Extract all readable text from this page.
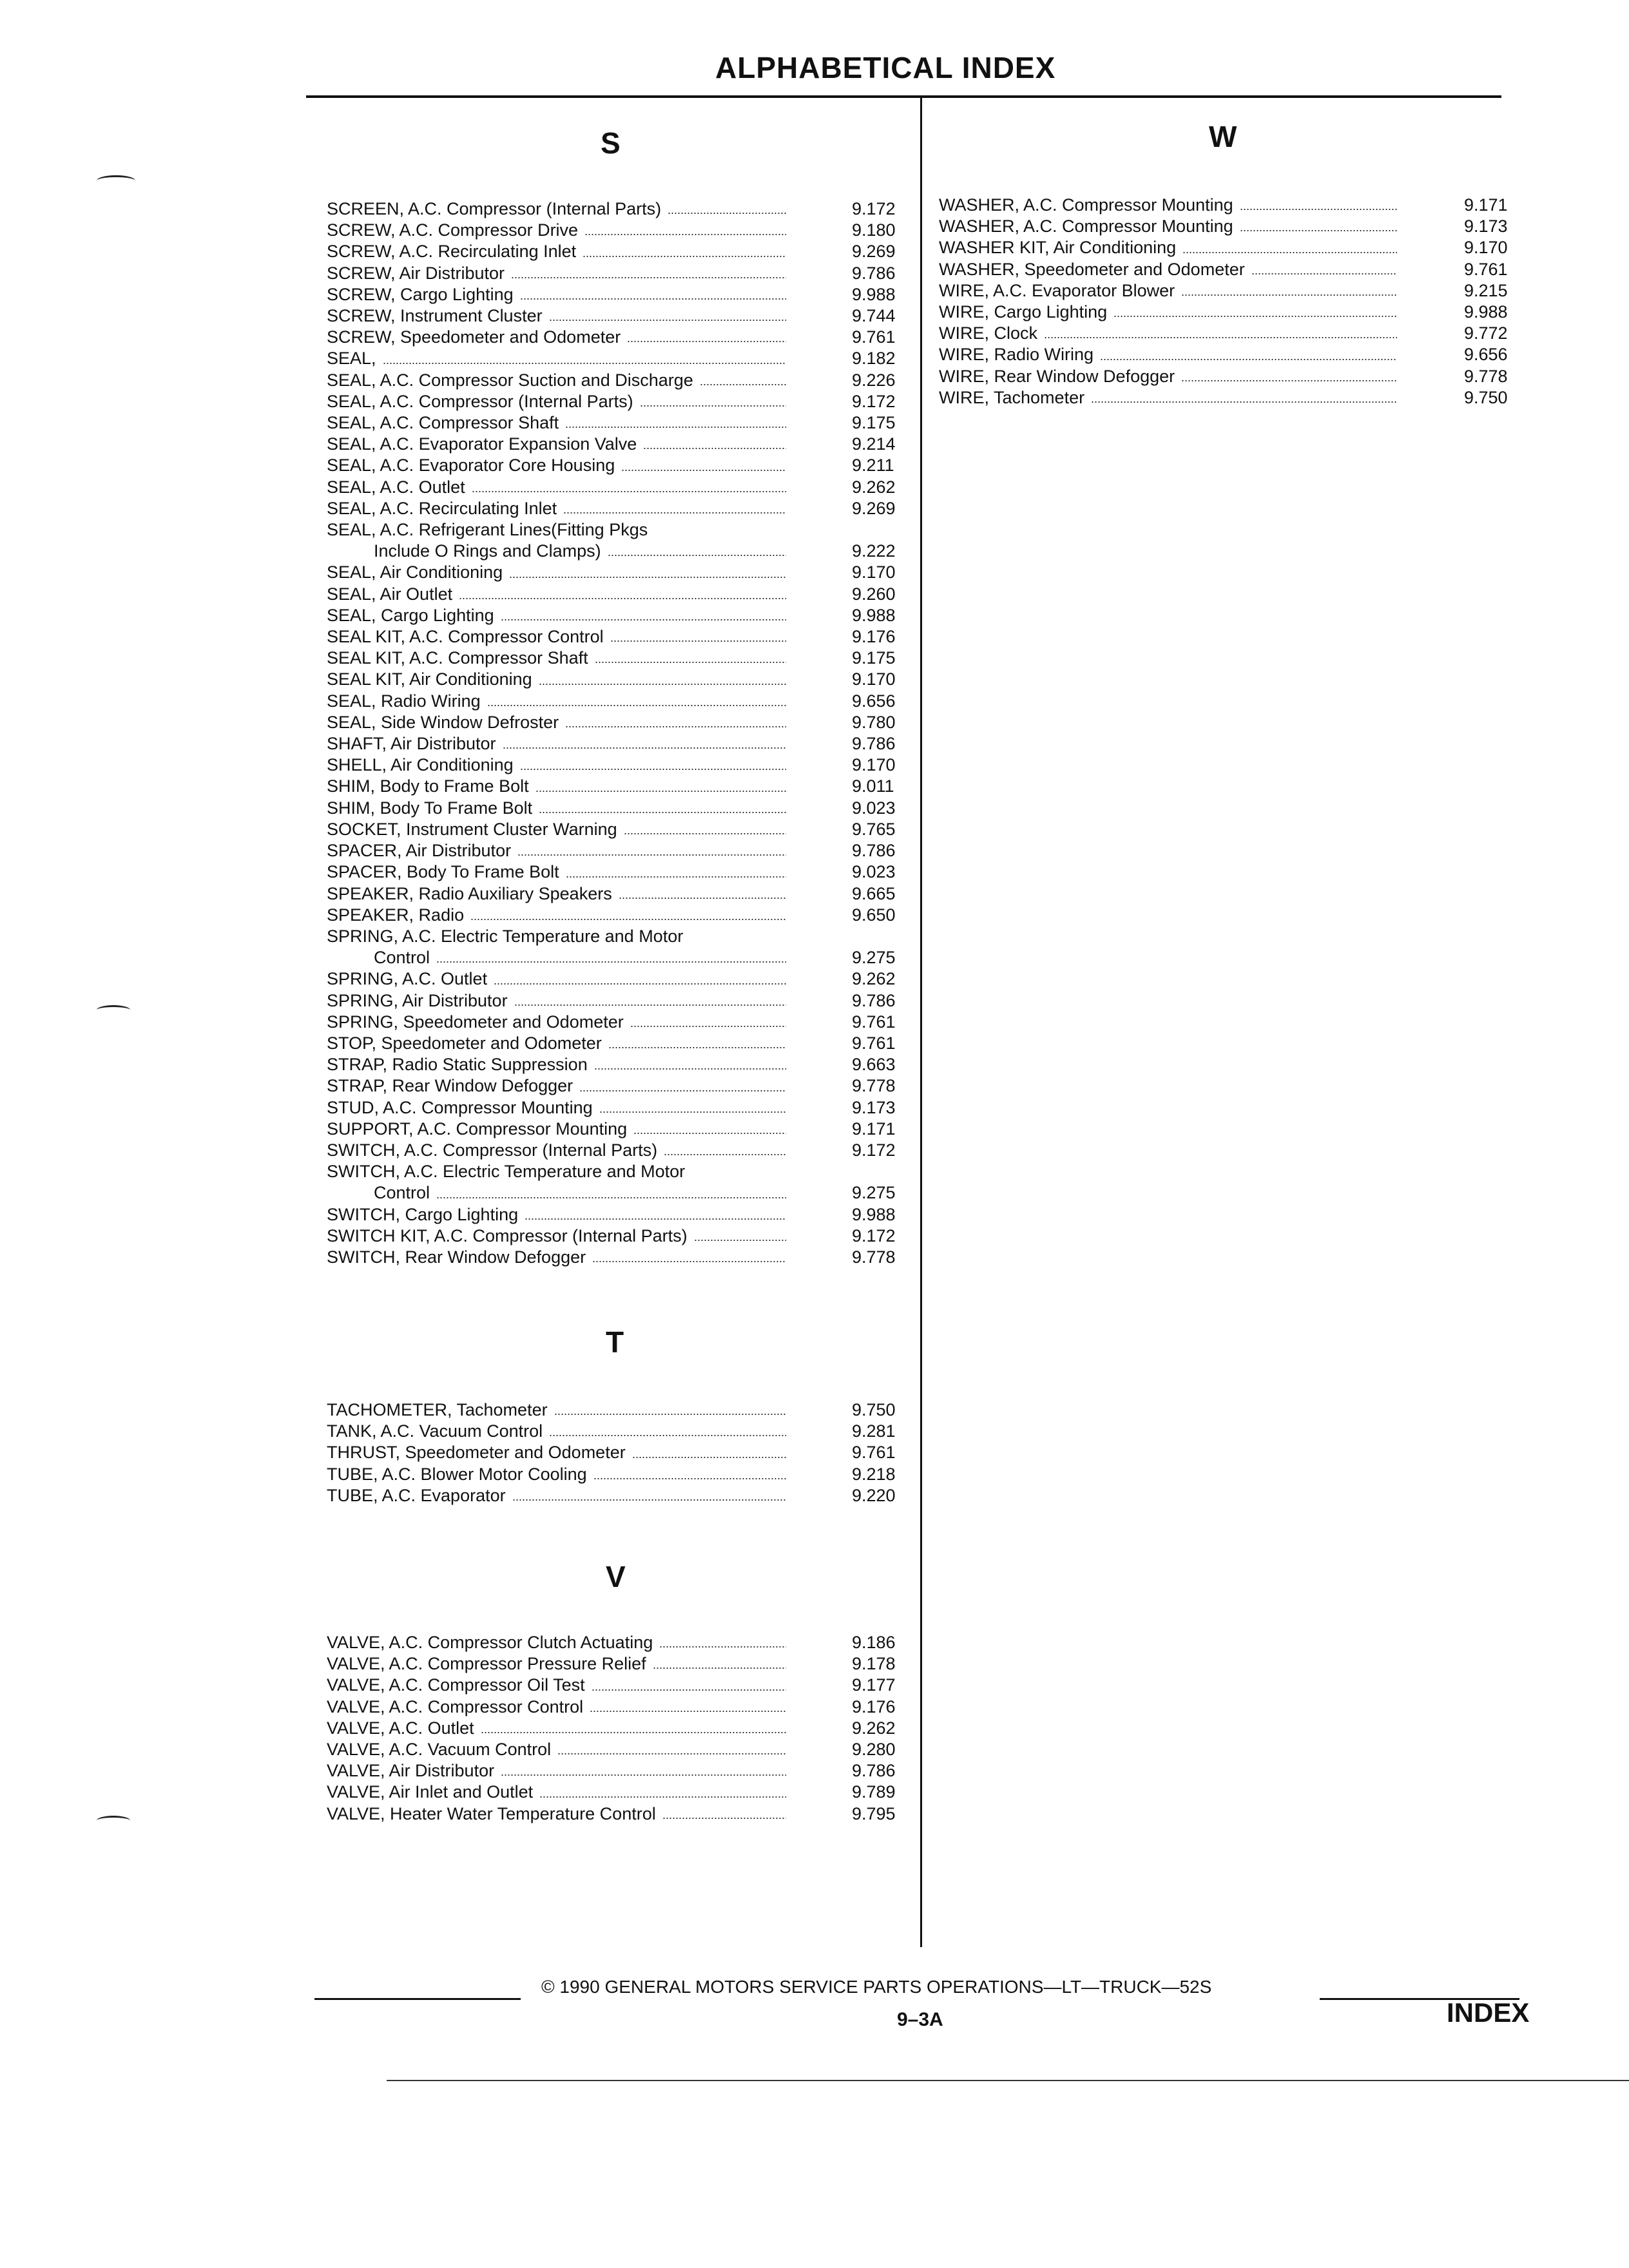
ALPHABETICAL INDEX
S
T
V
W
SCREEN, A.C. Compressor (Internal Parts)	9.172
SCREW, A.C. Compressor Drive	9.180
SCREW, A.C. Recirculating Inlet	9.269
SCREW, Air Distributor	9.786
SCREW, Cargo Lighting	9.988
SCREW, Instrument Cluster	9.744
SCREW, Speedometer and Odometer	9.761
SEAL,	9.182
SEAL, A.C. Compressor Suction and Discharge	9.226
SEAL, A.C. Compressor (Internal Parts)	9.172
SEAL, A.C. Compressor Shaft	9.175
SEAL, A.C. Evaporator Expansion Valve	9.214
SEAL, A.C. Evaporator Core Housing	9.211
SEAL, A.C. Outlet	9.262
SEAL, A.C. Recirculating Inlet	9.269
SEAL, A.C. Refrigerant Lines(Fitting Pkgs
Include O Rings and Clamps)	9.222
SEAL, Air Conditioning	9.170
SEAL, Air Outlet	9.260
SEAL, Cargo Lighting	9.988
SEAL KIT, A.C. Compressor Control	9.176
SEAL KIT, A.C. Compressor Shaft	9.175
SEAL KIT, Air Conditioning	9.170
SEAL, Radio Wiring	9.656
SEAL, Side Window Defroster	9.780
SHAFT, Air Distributor	9.786
SHELL, Air Conditioning	9.170
SHIM, Body to Frame Bolt	9.011
SHIM, Body To Frame Bolt	9.023
SOCKET, Instrument Cluster Warning	9.765
SPACER, Air Distributor	9.786
SPACER, Body To Frame Bolt	9.023
SPEAKER, Radio Auxiliary Speakers	9.665
SPEAKER, Radio	9.650
SPRING, A.C. Electric Temperature and Motor
Control	9.275
SPRING, A.C. Outlet	9.262
SPRING, Air Distributor	9.786
SPRING, Speedometer and Odometer	9.761
STOP, Speedometer and Odometer	9.761
STRAP, Radio Static Suppression	9.663
STRAP, Rear Window Defogger	9.778
STUD, A.C. Compressor Mounting	9.173
SUPPORT, A.C. Compressor Mounting	9.171
SWITCH, A.C. Compressor (Internal Parts)	9.172
SWITCH, A.C. Electric Temperature and Motor
Control	9.275
SWITCH, Cargo Lighting	9.988
SWITCH KIT, A.C. Compressor (Internal Parts)	9.172
SWITCH, Rear Window Defogger	9.778
TACHOMETER, Tachometer	9.750
TANK, A.C. Vacuum Control	9.281
THRUST, Speedometer and Odometer	9.761
TUBE, A.C. Blower Motor Cooling	9.218
TUBE, A.C. Evaporator	9.220
VALVE, A.C. Compressor Clutch Actuating	9.186
VALVE, A.C. Compressor Pressure Relief	9.178
VALVE, A.C. Compressor Oil Test	9.177
VALVE, A.C. Compressor Control	9.176
VALVE, A.C. Outlet	9.262
VALVE, A.C. Vacuum Control	9.280
VALVE, Air Distributor	9.786
VALVE, Air Inlet and Outlet	9.789
VALVE, Heater Water Temperature Control	9.795
WASHER, A.C. Compressor Mounting	9.171
WASHER, A.C. Compressor Mounting	9.173
WASHER KIT, Air Conditioning	9.170
WASHER, Speedometer and Odometer	9.761
WIRE, A.C. Evaporator Blower	9.215
WIRE, Cargo Lighting	9.988
WIRE, Clock	9.772
WIRE, Radio Wiring	9.656
WIRE, Rear Window Defogger	9.778
WIRE, Tachometer	9.750
© 1990 GENERAL MOTORS SERVICE PARTS OPERATIONS—LT—TRUCK—52S
9–3A	INDEX
